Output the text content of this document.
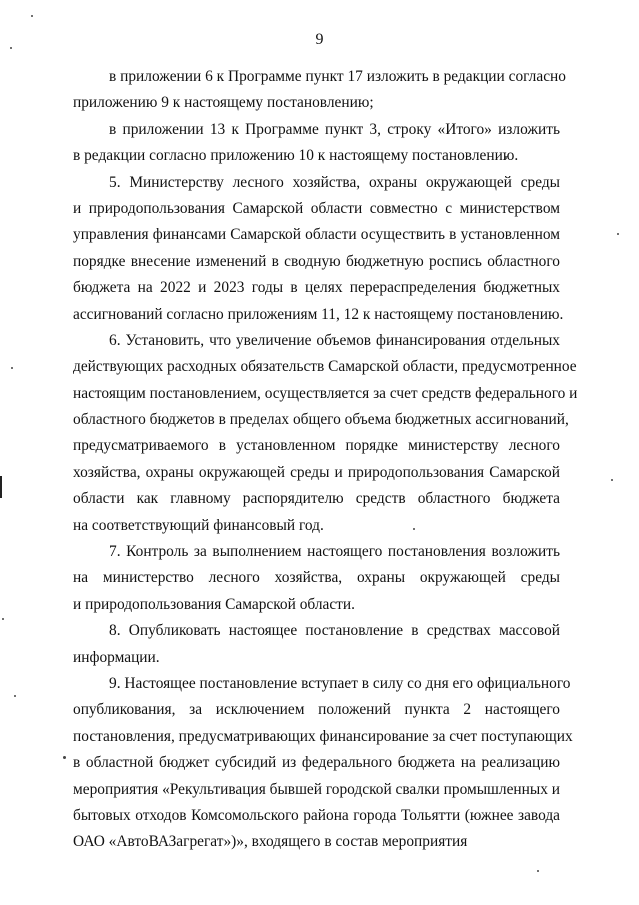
9
в приложении 6 к Программе пункт 17 изложить в редакции согласно
приложению 9 к настоящему постановлению;
в приложении 13 к Программе пункт 3, строку «Итого» изложить
в редакции согласно приложению 10 к настоящему постановлению.
5. Министерству лесного хозяйства, охраны окружающей среды
и природопользования Самарской области совместно с министерством
управления финансами Самарской области осуществить в установленном
порядке внесение изменений в сводную бюджетную роспись областного
бюджета на 2022 и 2023 годы в целях перераспределения бюджетных
ассигнований согласно приложениям 11, 12 к настоящему постановлению.
6. Установить, что увеличение объемов финансирования отдельных
действующих расходных обязательств Самарской области, предусмотренное
настоящим постановлением, осуществляется за счет средств федерального и
областного бюджетов в пределах общего объема бюджетных ассигнований,
предусматриваемого в установленном порядке министерству лесного
хозяйства, охраны окружающей среды и природопользования Самарской
области как главному распорядителю средств областного бюджета
на соответствующий финансовый год.
7. Контроль за выполнением настоящего постановления возложить
на министерство лесного хозяйства, охраны окружающей среды
и природопользования Самарской области.
8. Опубликовать настоящее постановление в средствах массовой
информации.
9. Настоящее постановление вступает в силу со дня его официального
опубликования, за исключением положений пункта 2 настоящего
постановления, предусматривающих финансирование за счет поступающих
в областной бюджет субсидий из федерального бюджета на реализацию
мероприятия «Рекультивация бывшей городской свалки промышленных и
бытовых отходов Комсомольского района города Тольятти (южнее завода
ОАО «АвтоВАЗагрегат»)», входящего в состав мероприятия
